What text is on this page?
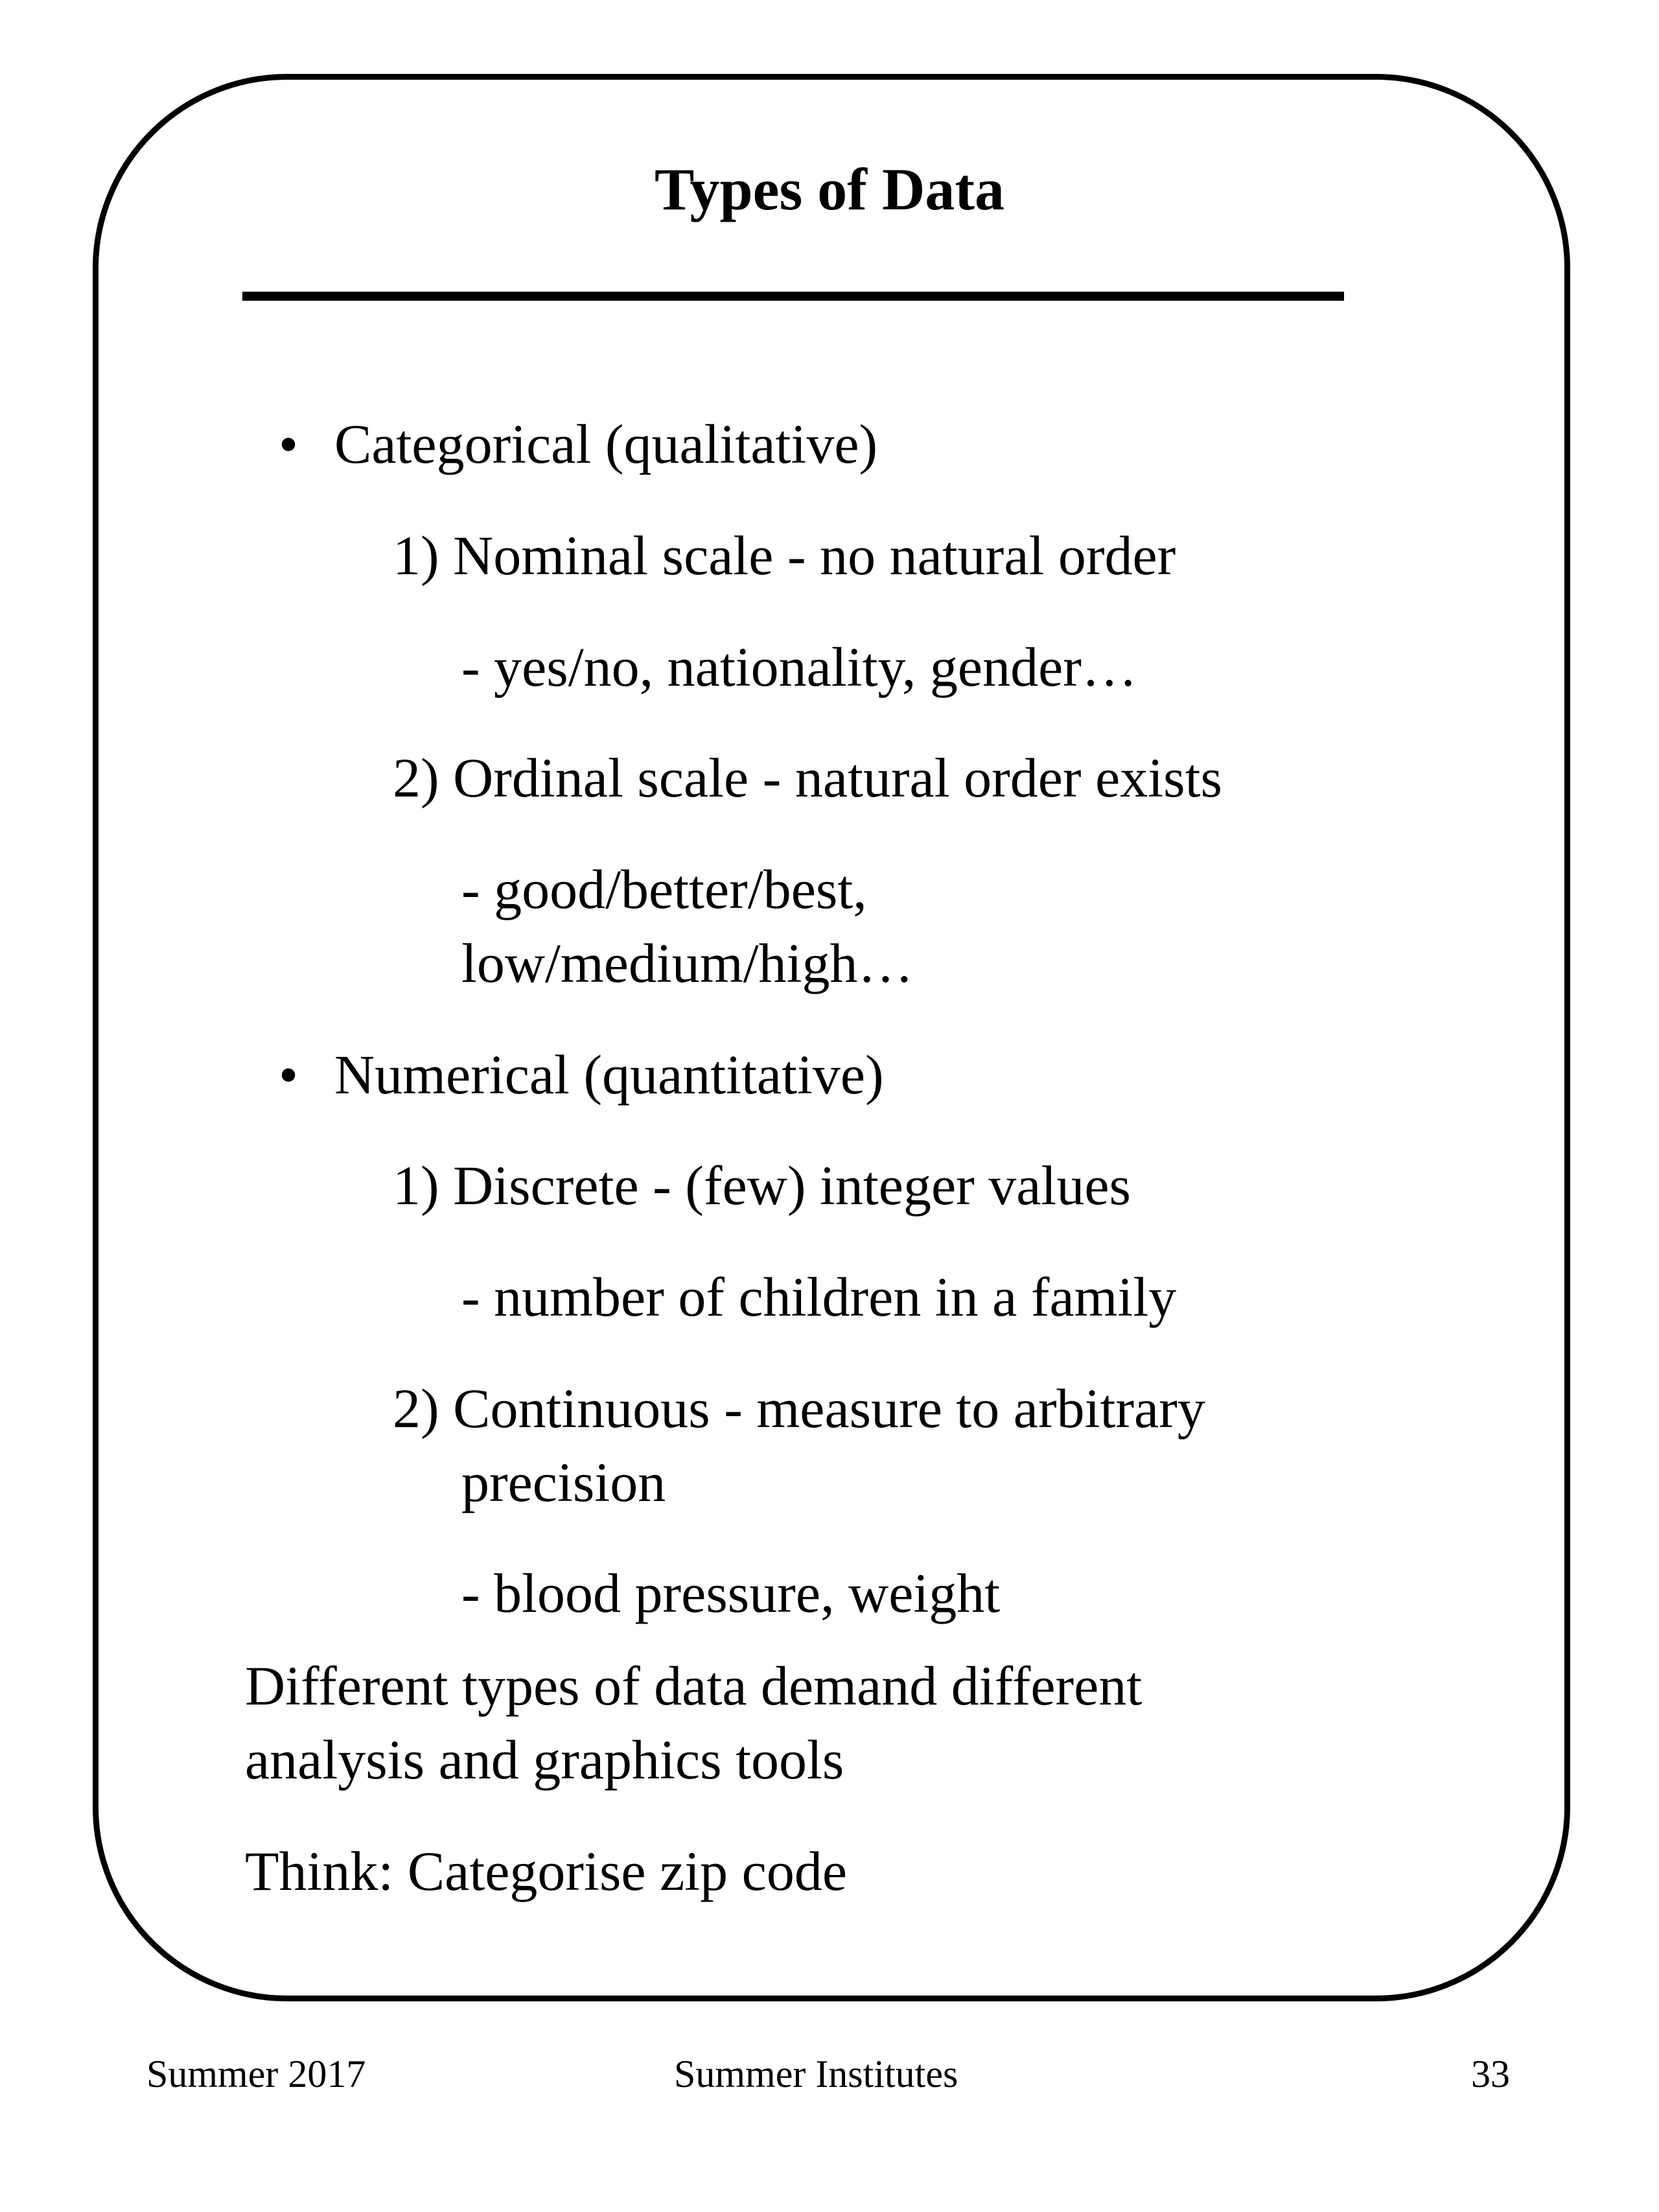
Types of Data
• Categorical (qualitative)
1) Nominal scale - no natural order
- yes/no, nationality, gender…
2) Ordinal scale - natural order exists
- good/better/best,
low/medium/high…
• Numerical (quantitative)
1) Discrete - (few) integer values
- number of children in a family
2) Continuous - measure to arbitrary
precision
- blood pressure, weight
Different types of data demand different
analysis and graphics tools
Think: Categorise zip code
Summer 2017	Summer Institutes	33
